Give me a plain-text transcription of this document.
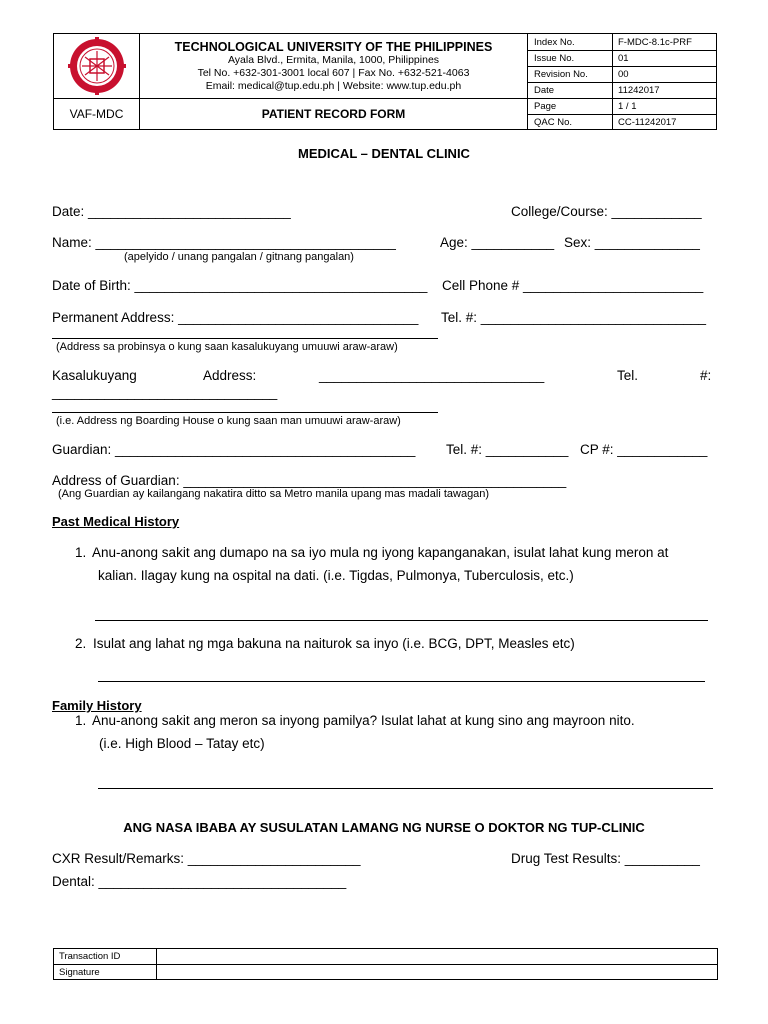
TECHNOLOGICAL UNIVERSITY OF THE PHILIPPINES
Ayala Blvd., Ermita, Manila, 1000, Philippines
Tel No. +632-301-3001 local 607 | Fax No. +632-521-4063
Email: medical@tup.edu.ph | Website: www.tup.edu.ph
VAF-MDC	PATIENT RECORD FORM
Index No.	F-MDC-8.1c-PRF
Issue No.	01
Revision No.	00
Date	11242017
Page	1 / 1
QAC No.	CC-11242017
MEDICAL – DENTAL CLINIC
Date: ___________________________	College/Course: ____________
Name: ________________________________________	Age: ___________ Sex: ______________
(apelyido / unang pangalan / gitnang pangalan)
Date of Birth: _______________________________________ Cell Phone # ________________________
Permanent Address: ________________________________ Tel. #: ______________________________
(Address sa probinsya o kung saan kasalukuyang umuuwi araw-araw)
Kasalukuyang	Address:	______________________________	Tel.	#:
______________________________
(i.e. Address ng Boarding House o kung saan man umuuwi araw-araw)
Guardian: ________________________________________ Tel. #: ___________ CP #: ____________
Address of Guardian: ___________________________________________________
(Ang Guardian ay kailangang nakatira ditto sa Metro manila upang mas madali tawagan)
Past Medical History
1. Anu-anong sakit ang dumapo na sa iyo mula ng iyong kapanganakan, isulat lahat kung meron at
kalian. Ilagay kung na ospital na dati. (i.e. Tigdas, Pulmonya, Tuberculosis, etc.)
2. Isulat ang lahat ng mga bakuna na naiturok sa inyo (i.e. BCG, DPT, Measles etc)
Family History
1. Anu-anong sakit ang meron sa inyong pamilya? Isulat lahat at kung sino ang mayroon nito.
(i.e. High Blood – Tatay etc)
ANG NASA IBABA AY SUSULATAN LAMANG NG NURSE O DOKTOR NG TUP-CLINIC
CXR Result/Remarks: _______________________	Drug Test Results: __________
Dental: _________________________________
Transaction ID
Signature
